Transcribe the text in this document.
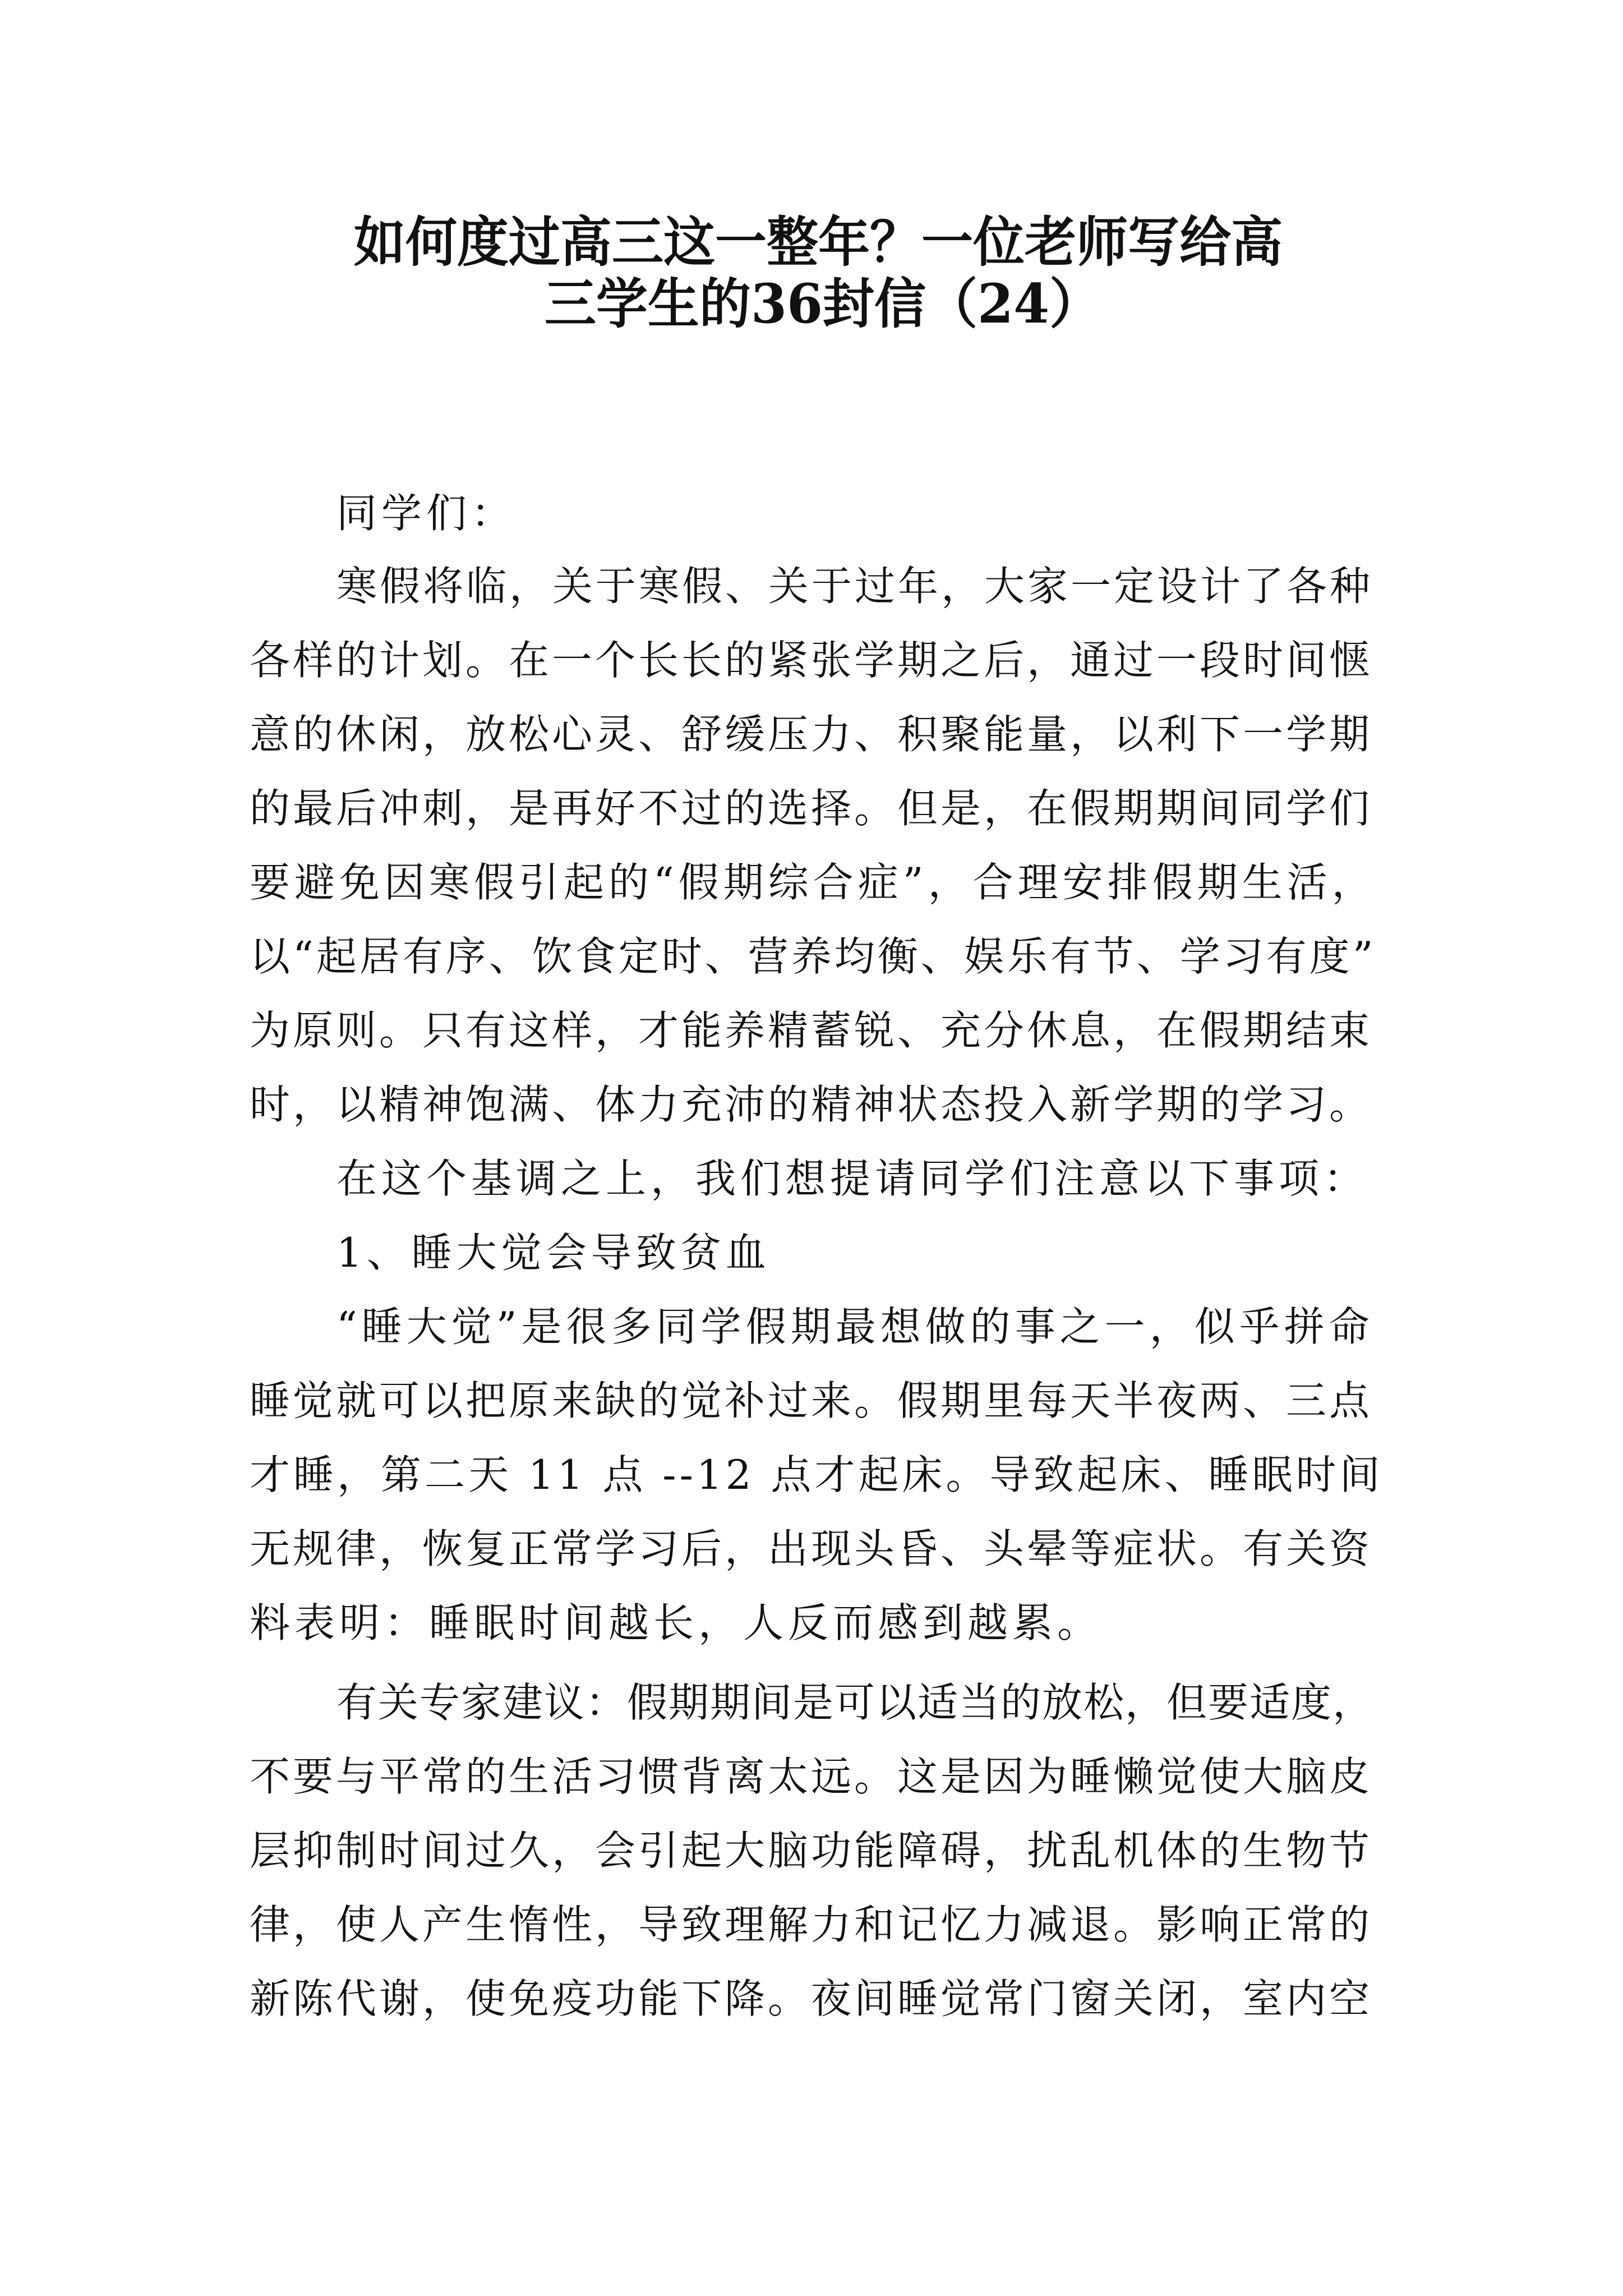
如何度过高三这一整年？一位老师写给高
三学生的36封信（24）

同学们：

寒假将临，关于寒假、关于过年，大家一定设计了各种

各样的计划。在一个长长的紧张学期之后，通过一段时间惬

意的休闲，放松心灵、舒缓压力、积聚能量，以利下一学期

的最后冲刺，是再好不过的选择。但是，在假期期间同学们

要避免因寒假引起的“假期综合症”，合理安排假期生活，

以“起居有序、饮食定时、营养均衡、娱乐有节、学习有度”

为原则。只有这样，才能养精蓄锐、充分休息，在假期结束

时，以精神饱满、体力充沛的精神状态投入新学期的学习。

在这个基调之上，我们想提请同学们注意以下事项：

1、睡大觉会导致贫血

“睡大觉”是很多同学假期最想做的事之一，似乎拼命

睡觉就可以把原来缺的觉补过来。假期里每天半夜两、三点

才睡，第二天 11 点 --12 点才起床。导致起床、睡眠时间

无规律，恢复正常学习后，出现头昏、头晕等症状。有关资

料表明：睡眠时间越长，人反而感到越累。

有关专家建议：假期期间是可以适当的放松，但要适度，

不要与平常的生活习惯背离太远。这是因为睡懒觉使大脑皮

层抑制时间过久，会引起大脑功能障碍，扰乱机体的生物节

律，使人产生惰性，导致理解力和记忆力减退。影响正常的

新陈代谢，使免疫功能下降。夜间睡觉常门窗关闭，室内空
